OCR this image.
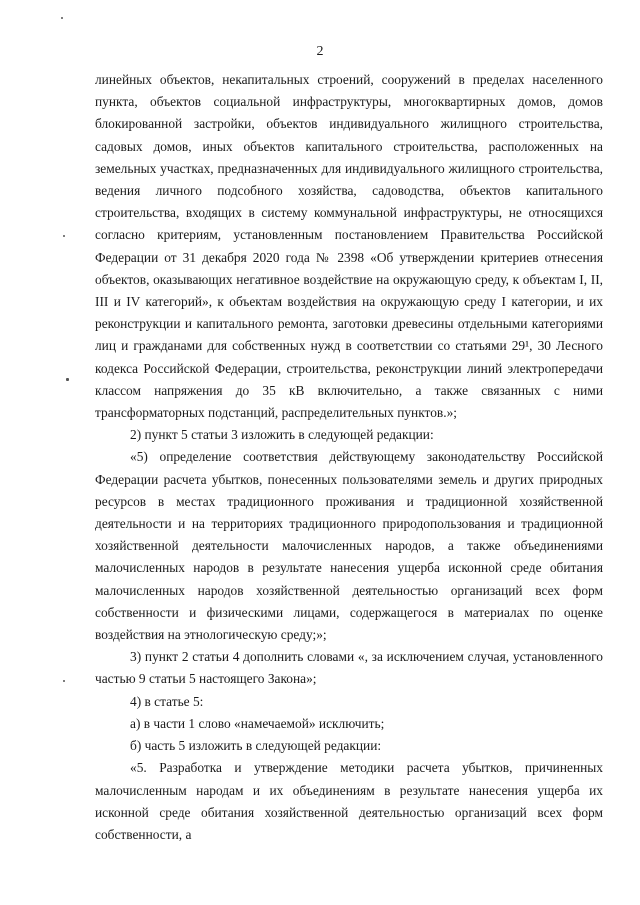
2

линейных объектов, некапитальных строений, сооружений в пределах населенного пункта, объектов социальной инфраструктуры, многоквартирных домов, домов блокированной застройки, объектов индивидуального жилищного строительства, садовых домов, иных объектов капитального строительства, расположенных на земельных участках, предназначенных для индивидуального жилищного строительства, ведения личного подсобного хозяйства, садоводства, объектов капитального строительства, входящих в систему коммунальной инфраструктуры, не относящихся согласно критериям, установленным постановлением Правительства Российской Федерации от 31 декабря 2020 года № 2398 «Об утверждении критериев отнесения объектов, оказывающих негативное воздействие на окружающую среду, к объектам I, II, III и IV категорий», к объектам воздействия на окружающую среду I категории, и их реконструкции и капитального ремонта, заготовки древесины отдельными категориями лиц и гражданами для собственных нужд в соответствии со статьями 29¹, 30 Лесного кодекса Российской Федерации, строительства, реконструкции линий электропередачи классом напряжения до 35 кВ включительно, а также связанных с ними трансформаторных подстанций, распределительных пунктов.»;

2) пункт 5 статьи 3 изложить в следующей редакции:

«5) определение соответствия действующему законодательству Российской Федерации расчета убытков, понесенных пользователями земель и других природных ресурсов в местах традиционного проживания и традиционной хозяйственной деятельности и на территориях традиционного природопользования и традиционной хозяйственной деятельности малочисленных народов, а также объединениями малочисленных народов в результате нанесения ущерба исконной среде обитания малочисленных народов хозяйственной деятельностью организаций всех форм собственности и физическими лицами, содержащегося в материалах по оценке воздействия на этнологическую среду;»;

3) пункт 2 статьи 4 дополнить словами «, за исключением случая, установленного частью 9 статьи 5 настоящего Закона»;

4) в статье 5:

а) в части 1 слово «намечаемой» исключить;

б) часть 5 изложить в следующей редакции:

«5. Разработка и утверждение методики расчета убытков, причиненных малочисленным народам и их объединениям в результате нанесения ущерба их исконной среде обитания хозяйственной деятельностью организаций всех форм собственности, а
